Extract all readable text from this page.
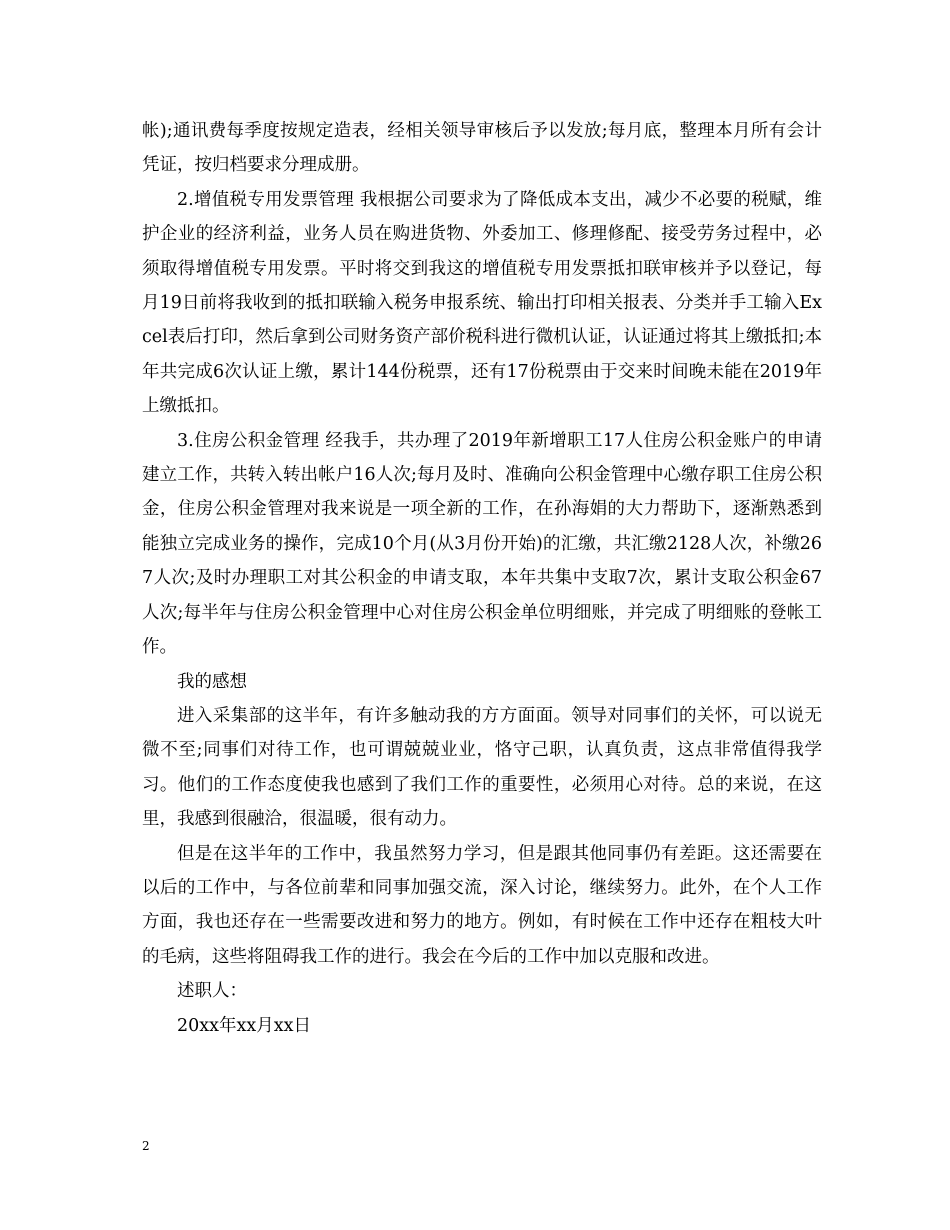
帐);通讯费每季度按规定造表，经相关领导审核后予以发放;每月底，整理本月所有会计凭证，按归档要求分理成册。

2.增值税专用发票管理 我根据公司要求为了降低成本支出，减少不必要的税赋，维护企业的经济利益，业务人员在购进货物、外委加工、修理修配、接受劳务过程中，必须取得增值税专用发票。平时将交到我这的增值税专用发票抵扣联审核并予以登记，每月19日前将我收到的抵扣联输入税务申报系统、输出打印相关报表、分类并手工输入Excel表后打印，然后拿到公司财务资产部价税科进行微机认证，认证通过将其上缴抵扣;本年共完成6次认证上缴，累计144份税票，还有17份税票由于交来时间晚未能在2019年上缴抵扣。

3.住房公积金管理 经我手，共办理了2019年新增职工17人住房公积金账户的申请建立工作，共转入转出帐户16人次;每月及时、准确向公积金管理中心缴存职工住房公积金，住房公积金管理对我来说是一项全新的工作，在孙海娟的大力帮助下，逐渐熟悉到能独立完成业务的操作，完成10个月(从3月份开始)的汇缴，共汇缴2128人次，补缴267人次;及时办理职工对其公积金的申请支取，本年共集中支取7次，累计支取公积金67人次;每半年与住房公积金管理中心对住房公积金单位明细账，并完成了明细账的登帐工作。

我的感想

进入采集部的这半年，有许多触动我的方方面面。领导对同事们的关怀，可以说无微不至;同事们对待工作，也可谓兢兢业业，恪守己职，认真负责，这点非常值得我学习。他们的工作态度使我也感到了我们工作的重要性，必须用心对待。总的来说，在这里，我感到很融洽，很温暖，很有动力。

但是在这半年的工作中，我虽然努力学习，但是跟其他同事仍有差距。这还需要在以后的工作中，与各位前辈和同事加强交流，深入讨论，继续努力。此外，在个人工作方面，我也还存在一些需要改进和努力的地方。例如，有时候在工作中还存在粗枝大叶的毛病，这些将阻碍我工作的进行。我会在今后的工作中加以克服和改进。

述职人：

20xx年xx月xx日

2
